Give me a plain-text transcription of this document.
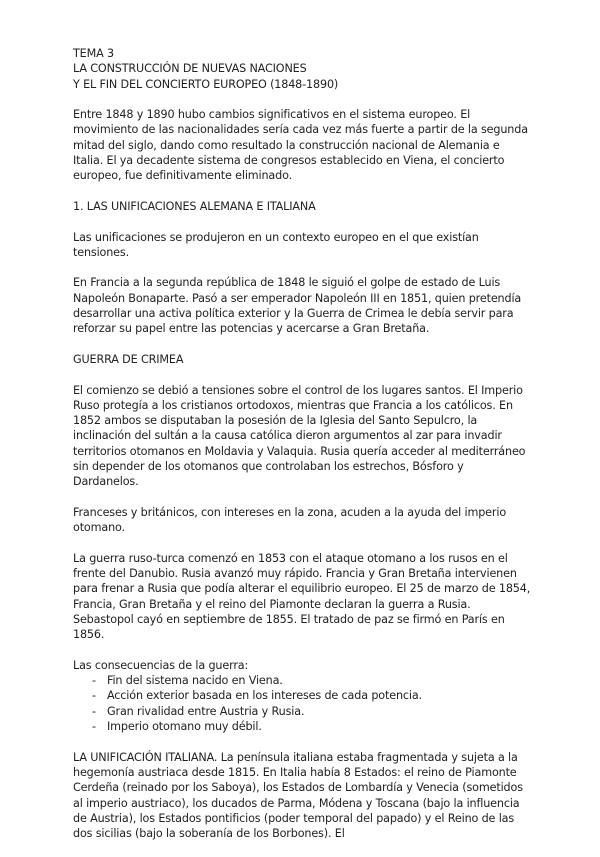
TEMA 3

LA CONSTRUCCIÓN DE NUEVAS NACIONES

Y EL FIN DEL CONCIERTO EUROPEO (1848-1890)

Entre 1848 y 1890 hubo cambios significativos en el sistema europeo. El movimiento de las nacionalidades sería cada vez más fuerte a partir de la segunda mitad del siglo, dando como resultado la construcción nacional de Alemania e Italia. El ya decadente sistema de congresos establecido en Viena, el concierto europeo, fue definitivamente eliminado.

1. LAS UNIFICACIONES ALEMANA E ITALIANA

Las unificaciones se produjeron en un contexto europeo en el que existían tensiones.

En Francia a la segunda república de 1848 le siguió el golpe de estado de Luis Napoleón Bonaparte. Pasó a ser emperador Napoleón III en 1851, quien pretendía desarrollar una activa política exterior y la Guerra de Crimea le debía servir para reforzar su papel entre las potencias y acercarse a Gran Bretaña.

GUERRA DE CRIMEA

El comienzo se debió a tensiones sobre el control de los lugares santos. El Imperio Ruso protegía a los cristianos ortodoxos, mientras que Francia a los católicos. En 1852 ambos se disputaban la posesión de la Iglesia del Santo Sepulcro, la inclinación del sultán a la causa católica dieron argumentos al zar para invadir territorios otomanos en Moldavia y Valaquia. Rusia quería acceder al mediterráneo sin depender de los otomanos que controlaban los estrechos, Bósforo y Dardanelos.

Franceses y británicos, con intereses en la zona, acuden a la ayuda del imperio otomano.

La guerra ruso-turca comenzó en 1853 con el ataque otomano a los rusos en el frente del Danubio. Rusia avanzó muy rápido. Francia y Gran Bretaña intervienen para frenar a Rusia que podía alterar el equilibrio europeo. El 25 de marzo de 1854, Francia, Gran Bretaña y el reino del Piamonte declaran la guerra a Rusia. Sebastopol cayó en septiembre de 1855. El tratado de paz se firmó en París en 1856.

Las consecuencias de la guerra:

- Fin del sistema nacido en Viena.
- Acción exterior basada en los intereses de cada potencia.
- Gran rivalidad entre Austria y Rusia.
- Imperio otomano muy débil.

LA UNIFICACIÓN ITALIANA. La península italiana estaba fragmentada y sujeta a la hegemonía austriaca desde 1815. En Italia había 8 Estados: el reino de Piamonte Cerdeña (reinado por los Saboya), los Estados de Lombardía y Venecia (sometidos al imperio austriaco), los ducados de Parma, Módena y Toscana (bajo la influencia de Austria), los Estados pontificios (poder temporal del papado) y el Reino de las dos sicilias (bajo la soberanía de los Borbones). El
